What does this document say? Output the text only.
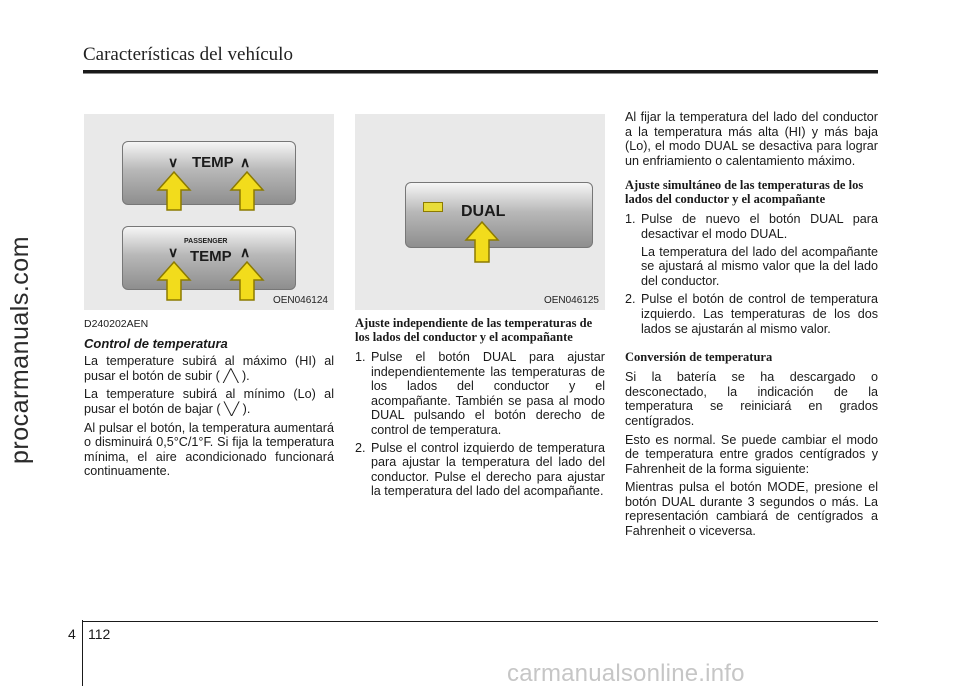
Características del vehículo
procarmanuals.com
∨ TEMP ∧
PASSENGER
∨ TEMP ∧
OEN046124
DUAL
OEN046125
D240202AEN
Control de temperatura

La temperature subirá al máximo (HI) al pusar el botón de subir ( ╱╲ ).

La temperature subirá al mínimo (Lo) al pusar el botón de bajar ( ╲╱ ).

Al pulsar el botón, la temperatura aumentará o disminuirá 0,5°C/1°F. Si fija la temperatura mínima, el aire acondicionado funcionará continuamente.

Ajuste independiente de las temperaturas de los lados del conductor y el acompañante
1. Pulse el botón DUAL para ajustar independientemente las temperaturas de los lados del conductor y el acompañante. También se pasa al modo DUAL pulsando el botón derecho de control de temperatura.
2. Pulse el control izquierdo de temperatura para ajustar la temperatura del lado del conductor. Pulse el derecho para ajustar la temperatura del lado del acompañante.

Al fijar la temperatura del lado del conductor a la temperatura más alta (HI) y más baja (Lo), el modo DUAL se desactiva para lograr un enfriamiento o calentamiento máximo.

Ajuste simultáneo de las temperaturas de los lados del conductor y el acompañante
1. Pulse de nuevo el botón DUAL para desactivar el modo DUAL.

La temperatura del lado del acompañante se ajustará al mismo valor que la del lado del conductor.

2. Pulse el botón de control de temperatura izquierdo. Las temperaturas de los dos lados se ajustarán al mismo valor.
Conversión de temperatura

Si la batería se ha descargado o desconectado, la indicación de la temperatura se reiniciará en grados centígrados.

Esto es normal. Se puede cambiar el modo de temperatura entre grados centígrados y Fahrenheit de la forma siguiente:

Mientras pulsa el botón MODE, presione el botón DUAL durante 3 segundos o más. La representación cambiará de centígrados a Fahrenheit o viceversa.

4 112
carmanualsonline.info
